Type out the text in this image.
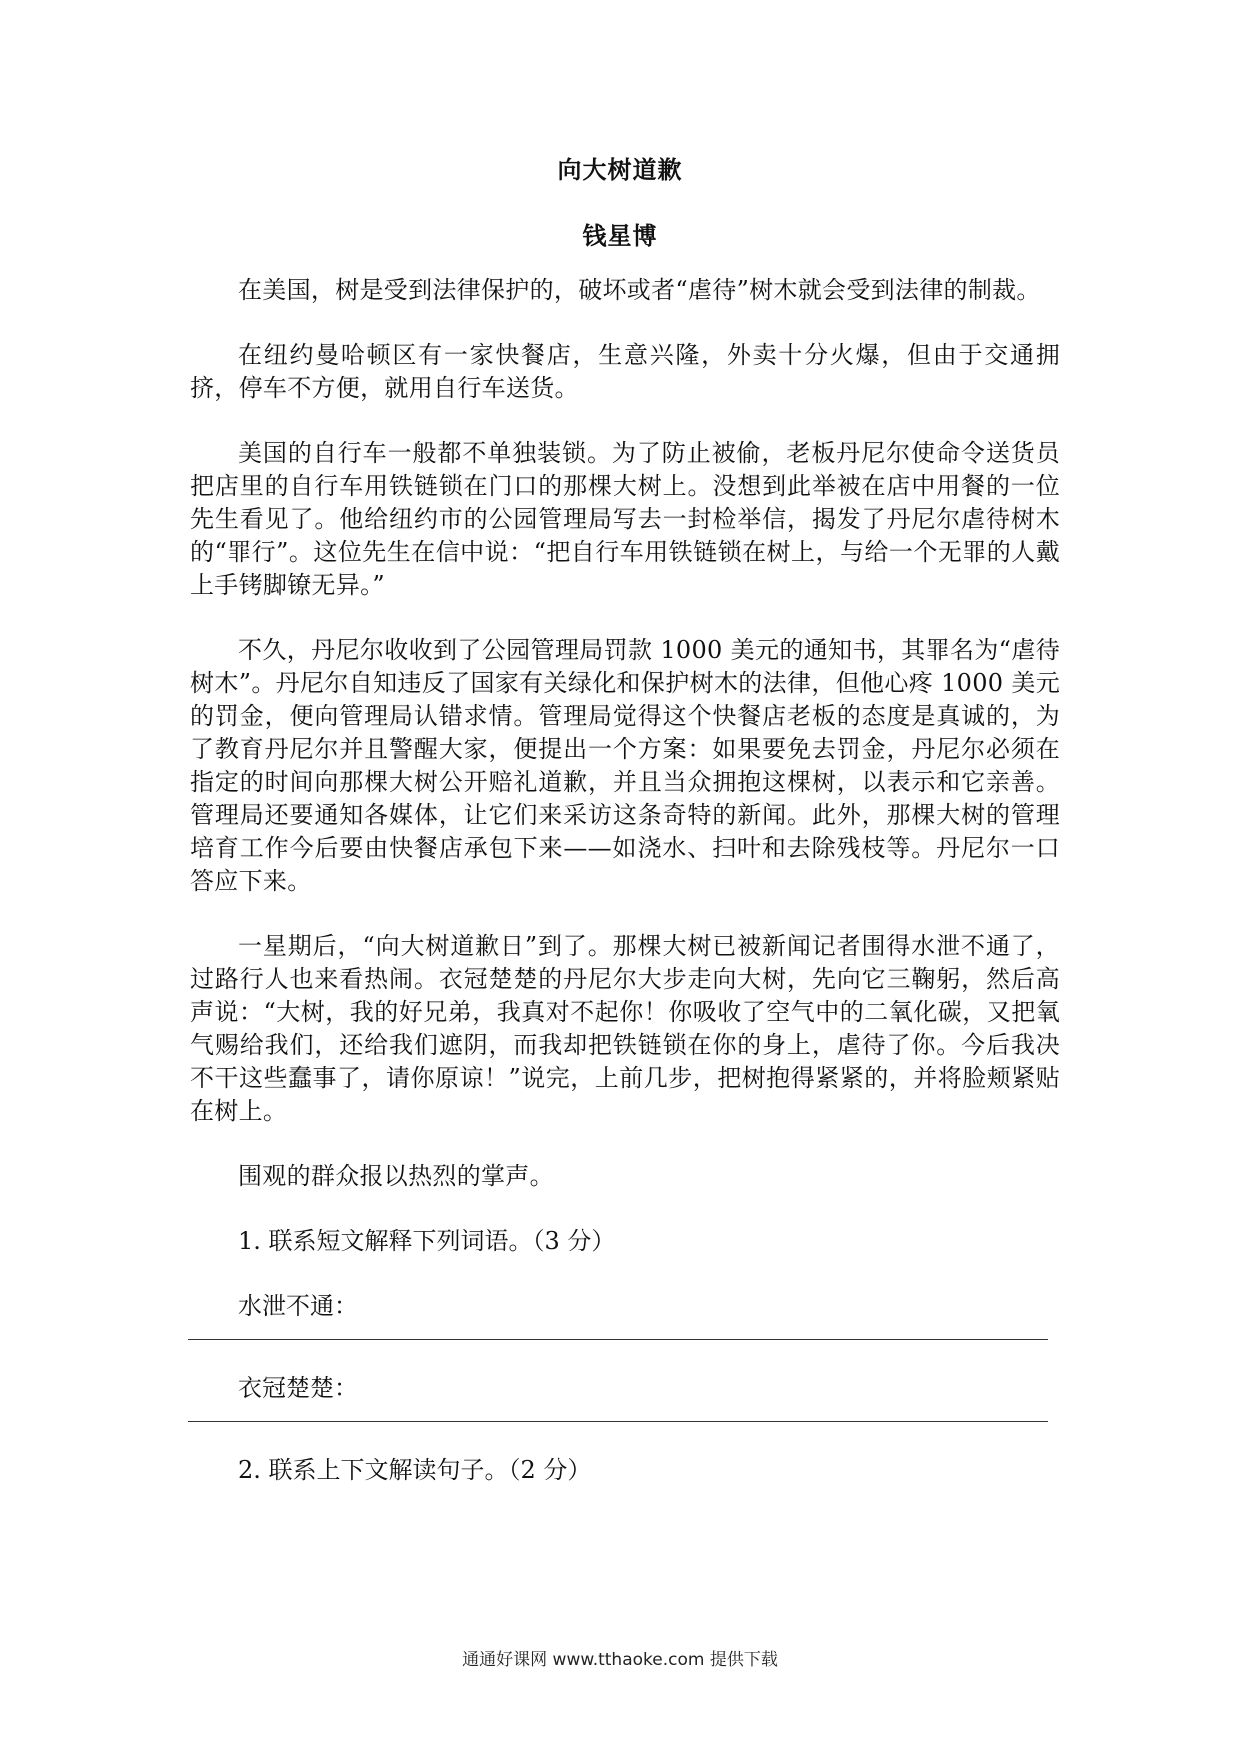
向大树道歉
钱星博

在美国，树是受到法律保护的，破坏或者“虐待”树木就会受到法律的制裁。

在纽约曼哈顿区有一家快餐店，生意兴隆，外卖十分火爆，但由于交通拥挤，停车不方便，就用自行车送货。

美国的自行车一般都不单独装锁。为了防止被偷，老板丹尼尔使命令送货员把店里的自行车用铁链锁在门口的那棵大树上。没想到此举被在店中用餐的一位先生看见了。他给纽约市的公园管理局写去一封检举信，揭发了丹尼尔虐待树木的“罪行”。这位先生在信中说：“把自行车用铁链锁在树上，与给一个无罪的人戴上手铐脚镣无异。”

不久，丹尼尔收收到了公园管理局罚款 1000 美元的通知书，其罪名为“虐待树木”。丹尼尔自知违反了国家有关绿化和保护树木的法律，但他心疼 1000 美元的罚金，便向管理局认错求情。管理局觉得这个快餐店老板的态度是真诚的，为了教育丹尼尔并且警醒大家，便提出一个方案：如果要免去罚金，丹尼尔必须在指定的时间向那棵大树公开赔礼道歉，并且当众拥抱这棵树，以表示和它亲善。管理局还要通知各媒体，让它们来采访这条奇特的新闻。此外，那棵大树的管理培育工作今后要由快餐店承包下来——如浇水、扫叶和去除残枝等。丹尼尔一口答应下来。

一星期后，“向大树道歉日”到了。那棵大树已被新闻记者围得水泄不通了，过路行人也来看热闹。衣冠楚楚的丹尼尔大步走向大树，先向它三鞠躬，然后高声说：“大树，我的好兄弟，我真对不起你！你吸收了空气中的二氧化碳，又把氧气赐给我们，还给我们遮阴，而我却把铁链锁在你的身上，虐待了你。今后我决不干这些蠢事了，请你原谅！”说完，上前几步，把树抱得紧紧的，并将脸颊紧贴在树上。

围观的群众报以热烈的掌声。

1. 联系短文解释下列词语。（3 分）

水泄不通：

衣冠楚楚：

2. 联系上下文解读句子。（2 分）

通通好课网 www.tthaoke.com 提供下载
